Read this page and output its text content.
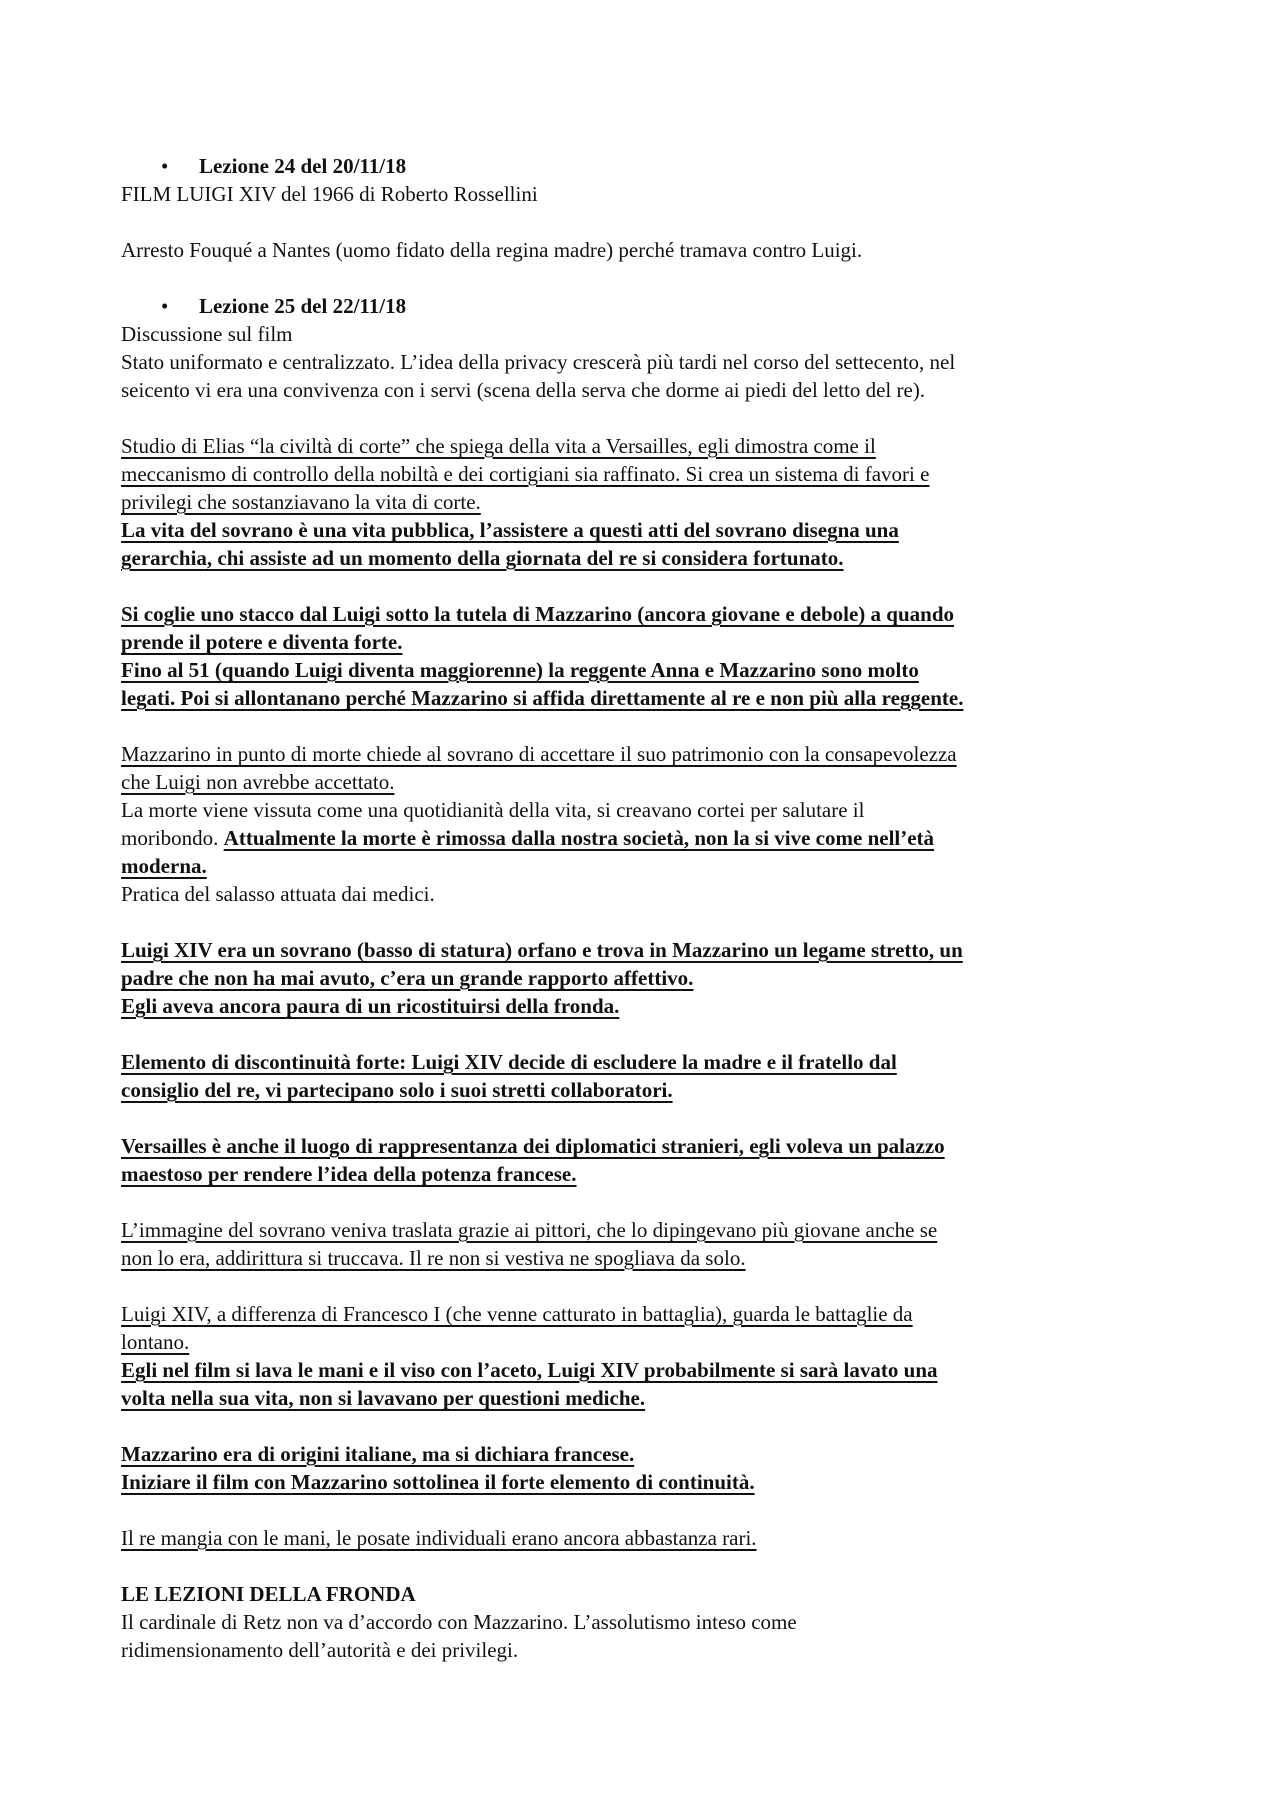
• Lezione 24 del 20/11/18

FILM LUIGI XIV del 1966 di Roberto Rossellini

Arresto Fouqué a Nantes (uomo fidato della regina madre) perché tramava contro Luigi.

• Lezione 25 del 22/11/18

Discussione sul film

Stato uniformato e centralizzato. L’idea della privacy crescerà più tardi nel corso del settecento, nel

seicento vi era una convivenza con i servi (scena della serva che dorme ai piedi del letto del re).

Studio di Elias “la civiltà di corte” che spiega della vita a Versailles, egli dimostra come il

meccanismo di controllo della nobiltà e dei cortigiani sia raffinato. Si crea un sistema di favori e

privilegi che sostanziavano la vita di corte.

La vita del sovrano è una vita pubblica, l’assistere a questi atti del sovrano disegna una

gerarchia, chi assiste ad un momento della giornata del re si considera fortunato.

Si coglie uno stacco dal Luigi sotto la tutela di Mazzarino (ancora giovane e debole) a quando

prende il potere e diventa forte.

Fino al 51 (quando Luigi diventa maggiorenne) la reggente Anna e Mazzarino sono molto

legati. Poi si allontanano perché Mazzarino si affida direttamente al re e non più alla reggente.

Mazzarino in punto di morte chiede al sovrano di accettare il suo patrimonio con la consapevolezza

che Luigi non avrebbe accettato.

La morte viene vissuta come una quotidianità della vita, si creavano cortei per salutare il

moribondo. Attualmente la morte è rimossa dalla nostra società, non la si vive come nell’età

moderna.

Pratica del salasso attuata dai medici.

Luigi XIV era un sovrano (basso di statura) orfano e trova in Mazzarino un legame stretto, un

padre che non ha mai avuto, c’era un grande rapporto affettivo.

Egli aveva ancora paura di un ricostituirsi della fronda.

Elemento di discontinuità forte: Luigi XIV decide di escludere la madre e il fratello dal

consiglio del re, vi partecipano solo i suoi stretti collaboratori.

Versailles è anche il luogo di rappresentanza dei diplomatici stranieri, egli voleva un palazzo

maestoso per rendere l’idea della potenza francese.

L’immagine del sovrano veniva traslata grazie ai pittori, che lo dipingevano più giovane anche se

non lo era, addirittura si truccava. Il re non si vestiva ne spogliava da solo.

Luigi XIV, a differenza di Francesco I (che venne catturato in battaglia), guarda le battaglie da

lontano.

Egli nel film si lava le mani e il viso con l’aceto, Luigi XIV probabilmente si sarà lavato una

volta nella sua vita, non si lavavano per questioni mediche.

Mazzarino era di origini italiane, ma si dichiara francese.

Iniziare il film con Mazzarino sottolinea il forte elemento di continuità.

Il re mangia con le mani, le posate individuali erano ancora abbastanza rari.

LE LEZIONI DELLA FRONDA

Il cardinale di Retz non va d’accordo con Mazzarino. L’assolutismo inteso come

ridimensionamento dell’autorità e dei privilegi.
